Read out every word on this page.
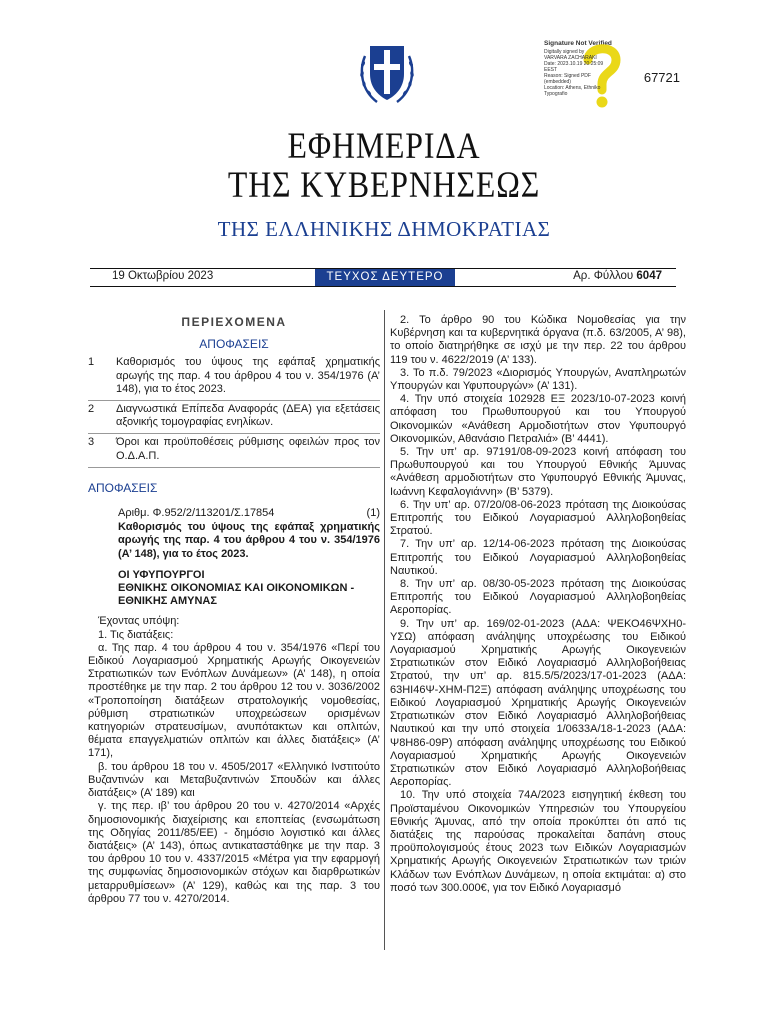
Signature Not Verified
Digitally signed by
VARVARA ZACHARAKI
Date: 2023.10.19 20:25:09
EEST
Reason: Signed PDF
(embedded)
Location: Athens, Ethniko
Typografio
67721
ΕΦΗΜΕΡΙΔΑ
ΤΗΣ ΚΥΒΕΡΝΗΣΕΩΣ
ΤΗΣ ΕΛΛΗΝΙΚΗΣ ΔΗΜΟΚΡΑΤΙΑΣ
19 Οκτωβρίου 2023	ΤΕΥΧΟΣ ΔΕΥΤΕΡΟ	Αρ. Φύλλου 6047
ΠΕΡΙΕΧΟΜΕΝΑ
ΑΠΟΦΑΣΕΙΣ
1	Καθορισμός του ύψους της εφάπαξ χρηματικής αρωγής της παρ. 4 του άρθρου 4 του ν. 354/1976 (Α’ 148), για το έτος 2023.
2	Διαγνωστικά Επίπεδα Αναφοράς (ΔΕΑ) για εξετάσεις αξονικής τομογραφίας ενηλίκων.
3	Όροι και προϋποθέσεις ρύθμισης οφειλών προς τον Ο.Δ.Α.Π.
ΑΠΟΦΑΣΕΙΣ
Αριθμ. Φ.952/2/113201/Σ.17854	(1)
Καθορισμός του ύψους της εφάπαξ χρηματικής αρωγής της παρ. 4 του άρθρου 4 του ν. 354/1976 (Α’ 148), για το έτος 2023.
ΟΙ ΥΦΥΠΟΥΡΓΟΙ
ΕΘΝΙΚΗΣ ΟΙΚΟΝΟΜΙΑΣ ΚΑΙ ΟΙΚΟΝΟΜΙΚΩΝ - ΕΘΝΙΚΗΣ ΑΜΥΝΑΣ

Έχοντας υπόψη:

1. Τις διατάξεις:

α. Της παρ. 4 του άρθρου 4 του ν. 354/1976 «Περί του Ειδικού Λογαριασμού Χρηματικής Αρωγής Οικογενειών Στρατιωτικών των Ενόπλων Δυνάμεων» (Α’ 148), η οποία προστέθηκε με την παρ. 2 του άρθρου 12 του ν. 3036/2002 «Τροποποίηση διατάξεων στρατολογικής νομοθεσίας, ρύθμιση στρατιωτικών υποχρεώσεων ορισμένων κατηγοριών στρατευσίμων, ανυπότακτων και οπλιτών, θέματα επαγγελματιών οπλιτών και άλλες διατάξεις» (Α’ 171),

β. του άρθρου 18 του ν. 4505/2017 «Ελληνικό Ινστιτούτο Βυζαντινών και Μεταβυζαντινών Σπουδών και άλλες διατάξεις» (Α’ 189) και

γ. της περ. ιβ’ του άρθρου 20 του ν. 4270/2014 «Αρχές δημοσιονομικής διαχείρισης και εποπτείας (ενσωμάτωση της Οδηγίας 2011/85/ΕΕ) - δημόσιο λογιστικό και άλλες διατάξεις» (Α’ 143), όπως αντικαταστάθηκε με την παρ. 3 του άρθρου 10 του ν. 4337/2015 «Μέτρα για την εφαρμογή της συμφωνίας δημοσιονομικών στόχων και διαρθρωτικών μεταρρυθμίσεων» (Α’ 129), καθώς και της παρ. 3 του άρθρου 77 του ν. 4270/2014.

2. Το άρθρο 90 του Κώδικα Νομοθεσίας για την Κυβέρνηση και τα κυβερνητικά όργανα (π.δ. 63/2005, Α’ 98), το οποίο διατηρήθηκε σε ισχύ με την περ. 22 του άρθρου 119 του ν. 4622/2019 (Α’ 133).

3. Το π.δ. 79/2023 «Διορισμός Υπουργών, Αναπληρωτών Υπουργών και Υφυπουργών» (Α’ 131).

4. Την υπό στοιχεία 102928 ΕΞ 2023/10-07-2023 κοινή απόφαση του Πρωθυπουργού και του Υπουργού Οικονομικών «Ανάθεση Αρμοδιοτήτων στον Υφυπουργό Οικονομικών, Αθανάσιο Πετραλιά» (Β’ 4441).

5. Την υπ’ αρ. 97191/08-09-2023 κοινή απόφαση του Πρωθυπουργού και του Υπουργού Εθνικής Άμυνας «Ανάθεση αρμοδιοτήτων στο Υφυπουργό Εθνικής Άμυνας, Ιωάννη Κεφαλογιάννη» (Β’ 5379).

6. Την υπ’ αρ. 07/20/08-06-2023 πρόταση της Διοικούσας Επιτροπής του Ειδικού Λογαριασμού Αλληλοβοηθείας Στρατού.

7. Την υπ’ αρ. 12/14-06-2023 πρόταση της Διοικούσας Επιτροπής του Ειδικού Λογαριασμού Αλληλοβοηθείας Ναυτικού.

8. Την υπ’ αρ. 08/30-05-2023 πρόταση της Διοικούσας Επιτροπής του Ειδικού Λογαριασμού Αλληλοβοηθείας Αεροπορίας.

9. Την υπ’ αρ. 169/02-01-2023 (ΑΔΑ: ΨΕΚΟ46ΨΧΗ0-ΥΣΩ) απόφαση ανάληψης υποχρέωσης του Ειδικού Λογαριασμού Χρηματικής Αρωγής Οικογενειών Στρατιωτικών στον Ειδικό Λογαριασμό Αλληλοβοήθειας Στρατού, την υπ’ αρ. 815.5/5/2023/17-01-2023 (ΑΔΑ: 63ΗΙ46Ψ-ΧΗΜ-Π2Ξ) απόφαση ανάληψης υποχρέωσης του Ειδικού Λογαριασμού Χρηματικής Αρωγής Οικογενειών Στρατιωτικών στον Ειδικό Λογαριασμό Αλληλοβοήθειας Ναυτικού και την υπό στοιχεία 1/0633Α/18-1-2023 (ΑΔΑ: Ψ8Η86-09Ρ) απόφαση ανάληψης υποχρέωσης του Ειδικού Λογαριασμού Χρηματικής Αρωγής Οικογενειών Στρατιωτικών στον Ειδικό Λογαριασμό Αλληλοβοήθειας Αεροπορίας.

10. Την υπό στοιχεία 74Α/2023 εισηγητική έκθεση του Προϊσταμένου Οικονομικών Υπηρεσιών του Υπουργείου Εθνικής Άμυνας, από την οποία προκύπτει ότι από τις διατάξεις της παρούσας προκαλείται δαπάνη στους προϋπολογισμούς έτους 2023 των Ειδικών Λογαριασμών Χρηματικής Αρωγής Οικογενειών Στρατιωτικών των τριών Κλάδων των Ενόπλων Δυνάμεων, η οποία εκτιμάται: α) στο ποσό των 300.000€, για τον Ειδικό Λογαριασμό
